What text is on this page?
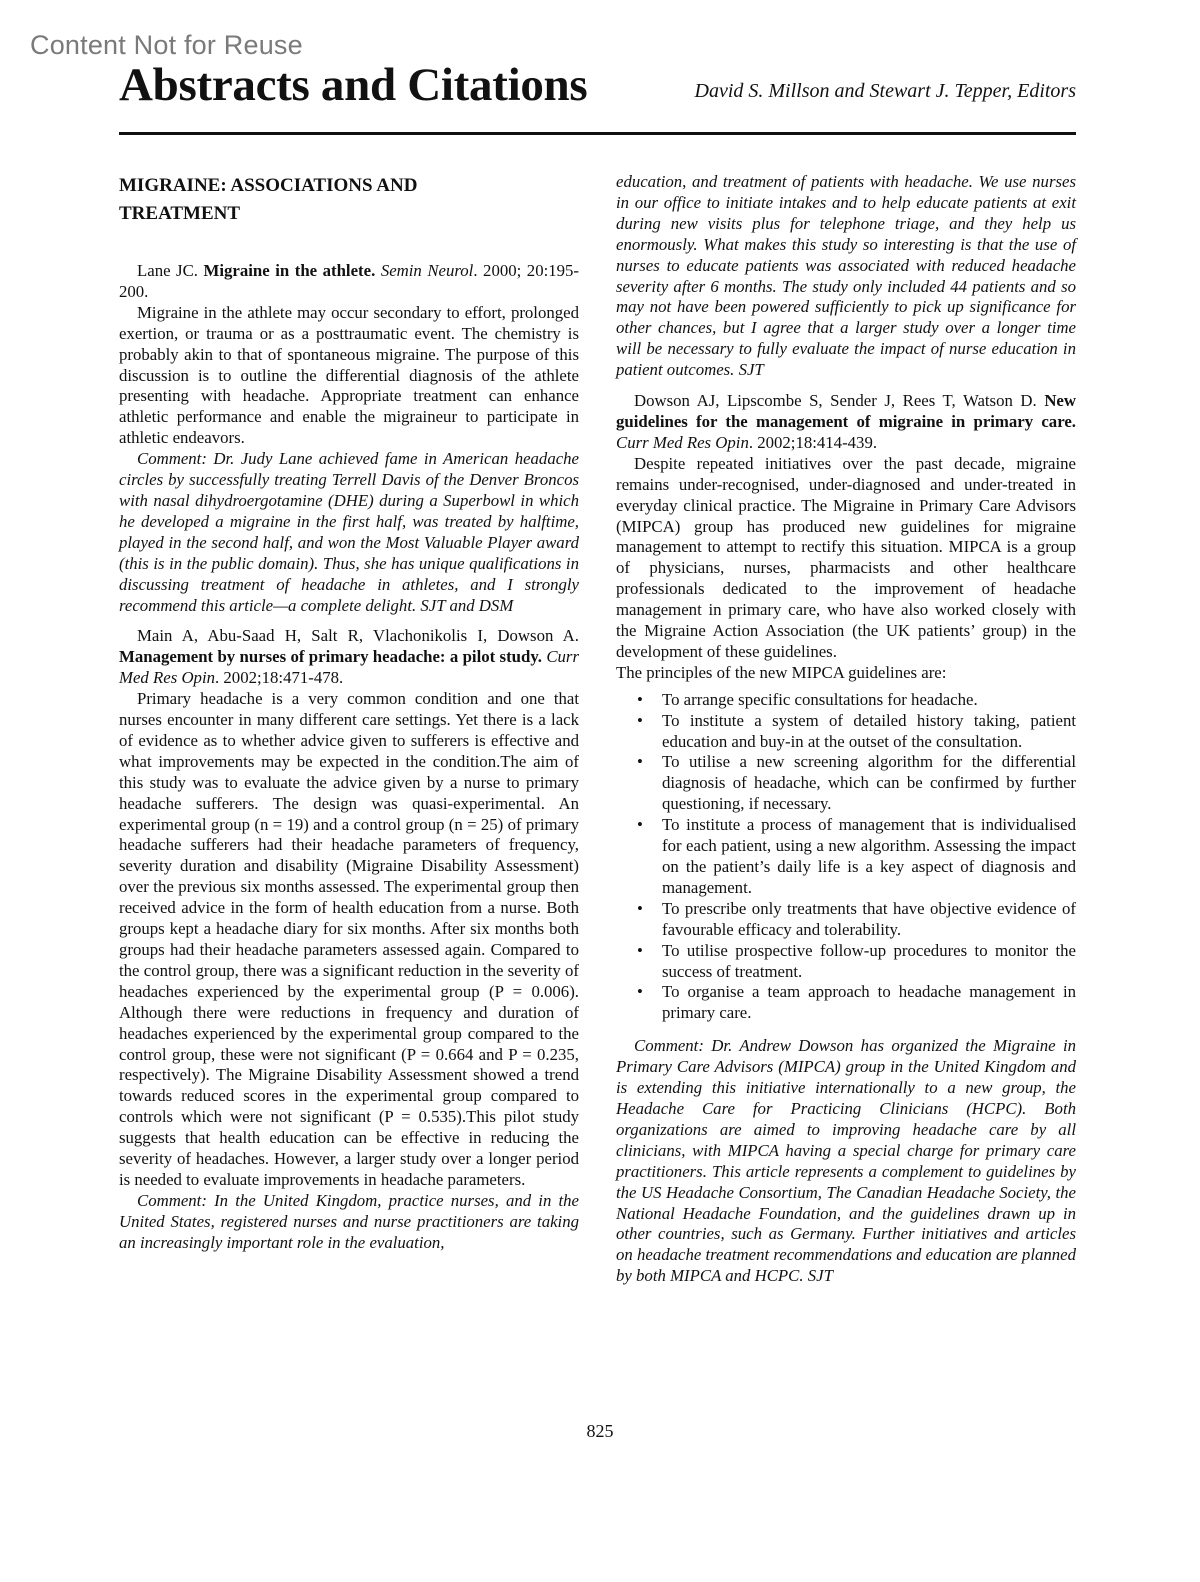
Content Not for Reuse
Abstracts and Citations	David S. Millson and Stewart J. Tepper, Editors
MIGRAINE: ASSOCIATIONS AND TREATMENT

Lane JC. Migraine in the athlete. Semin Neurol. 2000; 20:195-200.

Migraine in the athlete may occur secondary to effort, prolonged exertion, or trauma or as a posttraumatic event. The chemistry is probably akin to that of spontaneous migraine. The purpose of this discussion is to outline the differential diagnosis of the athlete presenting with headache. Appropriate treatment can enhance athletic performance and enable the migraineur to participate in athletic endeavors.

Comment: Dr. Judy Lane achieved fame in American headache circles by successfully treating Terrell Davis of the Denver Broncos with nasal dihydroergotamine (DHE) during a Superbowl in which he developed a migraine in the first half, was treated by halftime, played in the second half, and won the Most Valuable Player award (this is in the public domain). Thus, she has unique qualifications in discussing treatment of headache in athletes, and I strongly recommend this article—a complete delight. SJT and DSM

Main A, Abu-Saad H, Salt R, Vlachonikolis I, Dowson A. Management by nurses of primary headache: a pilot study. Curr Med Res Opin. 2002;18:471-478.

Primary headache is a very common condition and one that nurses encounter in many different care settings. Yet there is a lack of evidence as to whether advice given to sufferers is effective and what improvements may be expected in the condition.The aim of this study was to evaluate the advice given by a nurse to primary headache sufferers. The design was quasi-experimental. An experimental group (n = 19) and a control group (n = 25) of primary headache sufferers had their headache parameters of frequency, severity duration and disability (Migraine Disability Assessment) over the previous six months assessed. The experimental group then received advice in the form of health education from a nurse. Both groups kept a headache diary for six months. After six months both groups had their headache parameters assessed again. Compared to the control group, there was a significant reduction in the severity of headaches experienced by the experimental group (P = 0.006). Although there were reductions in frequency and duration of headaches experienced by the experimental group compared to the control group, these were not significant (P = 0.664 and P = 0.235, respectively). The Migraine Disability Assessment showed a trend towards reduced scores in the experimental group compared to controls which were not significant (P = 0.535).This pilot study suggests that health education can be effective in reducing the severity of headaches. However, a larger study over a longer period is needed to evaluate improvements in headache parameters.

Comment: In the United Kingdom, practice nurses, and in the United States, registered nurses and nurse practitioners are taking an increasingly important role in the evaluation,

education, and treatment of patients with headache. We use nurses in our office to initiate intakes and to help educate patients at exit during new visits plus for telephone triage, and they help us enormously. What makes this study so interesting is that the use of nurses to educate patients was associated with reduced headache severity after 6 months. The study only included 44 patients and so may not have been powered sufficiently to pick up significance for other chances, but I agree that a larger study over a longer time will be necessary to fully evaluate the impact of nurse education in patient outcomes. SJT

Dowson AJ, Lipscombe S, Sender J, Rees T, Watson D. New guidelines for the management of migraine in primary care. Curr Med Res Opin. 2002;18:414-439.

Despite repeated initiatives over the past decade, migraine remains under-recognised, under-diagnosed and under-treated in everyday clinical practice. The Migraine in Primary Care Advisors (MIPCA) group has produced new guidelines for migraine management to attempt to rectify this situation. MIPCA is a group of physicians, nurses, pharmacists and other healthcare professionals dedicated to the improvement of headache management in primary care, who have also worked closely with the Migraine Action Association (the UK patients’ group) in the development of these guidelines.

The principles of the new MIPCA guidelines are:

• To arrange specific consultations for headache.
• To institute a system of detailed history taking, patient education and buy-in at the outset of the consultation.
• To utilise a new screening algorithm for the differential diagnosis of headache, which can be confirmed by further questioning, if necessary.
• To institute a process of management that is individualised for each patient, using a new algorithm. Assessing the impact on the patient’s daily life is a key aspect of diagnosis and management.
• To prescribe only treatments that have objective evidence of favourable efficacy and tolerability.
• To utilise prospective follow-up procedures to monitor the success of treatment.
• To organise a team approach to headache management in primary care.

Comment: Dr. Andrew Dowson has organized the Migraine in Primary Care Advisors (MIPCA) group in the United Kingdom and is extending this initiative internationally to a new group, the Headache Care for Practicing Clinicians (HCPC). Both organizations are aimed to improving headache care by all clinicians, with MIPCA having a special charge for primary care practitioners. This article represents a complement to guidelines by the US Headache Consortium, The Canadian Headache Society, the National Headache Foundation, and the guidelines drawn up in other countries, such as Germany. Further initiatives and articles on headache treatment recommendations and education are planned by both MIPCA and HCPC. SJT

825
